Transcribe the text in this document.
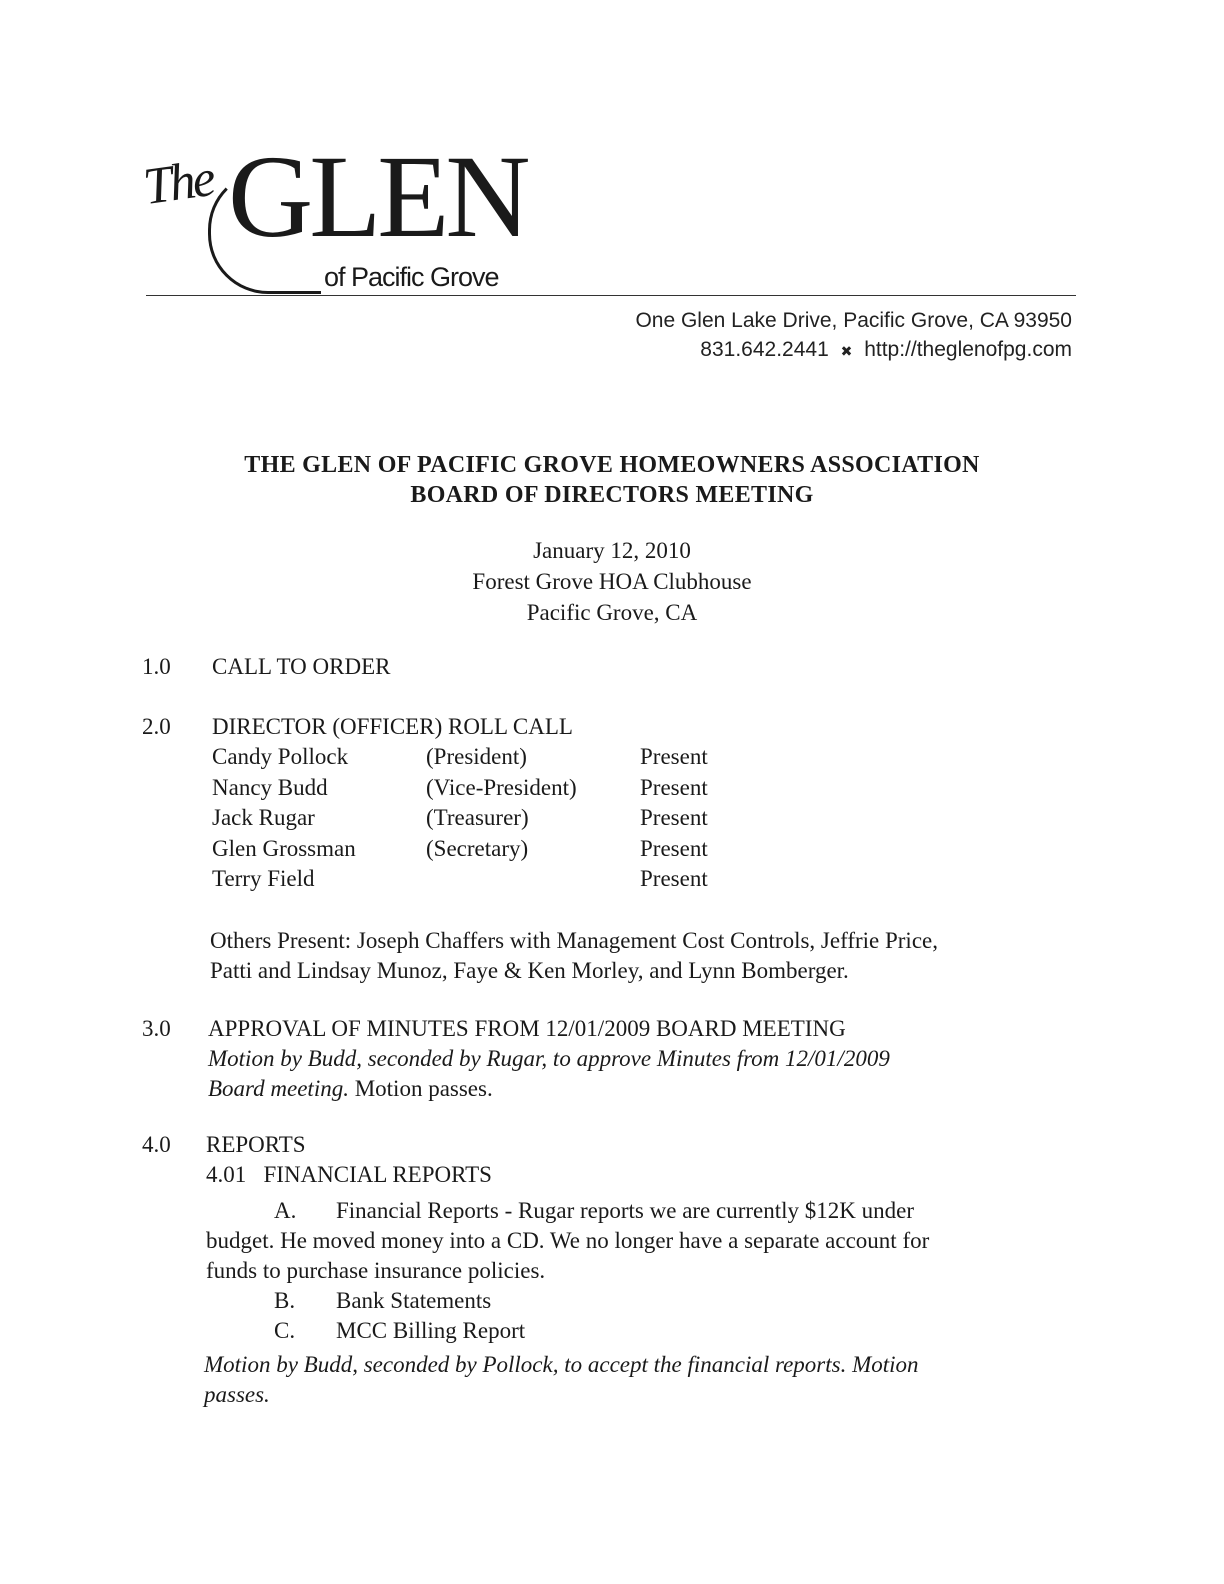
The GLEN
of Pacific Grove
One Glen Lake Drive, Pacific Grove, CA 93950
831.642.2441 ✖ http://theglenofpg.com
THE GLEN OF PACIFIC GROVE HOMEOWNERS ASSOCIATION
BOARD OF DIRECTORS MEETING
January 12, 2010
Forest Grove HOA Clubhouse
Pacific Grove, CA
1.0 CALL TO ORDER
2.0 DIRECTOR (OFFICER) ROLL CALL
Candy Pollock	(President)	Present
Nancy Budd	(Vice-President)	Present
Jack Rugar	(Treasurer)	Present
Glen Grossman	(Secretary)	Present
Terry Field		Present
Others Present: Joseph Chaffers with Management Cost Controls, Jeffrie Price,
Patti and Lindsay Munoz, Faye & Ken Morley, and Lynn Bomberger.
3.0 APPROVAL OF MINUTES FROM 12/01/2009 BOARD MEETING
Motion by Budd, seconded by Rugar, to approve Minutes from 12/01/2009
Board meeting. Motion passes.
4.0 REPORTS
4.01 FINANCIAL REPORTS
A. Financial Reports - Rugar reports we are currently $12K under
budget. He moved money into a CD. We no longer have a separate account for
funds to purchase insurance policies.
B. Bank Statements
C. MCC Billing Report
Motion by Budd, seconded by Pollock, to accept the financial reports. Motion
passes.
